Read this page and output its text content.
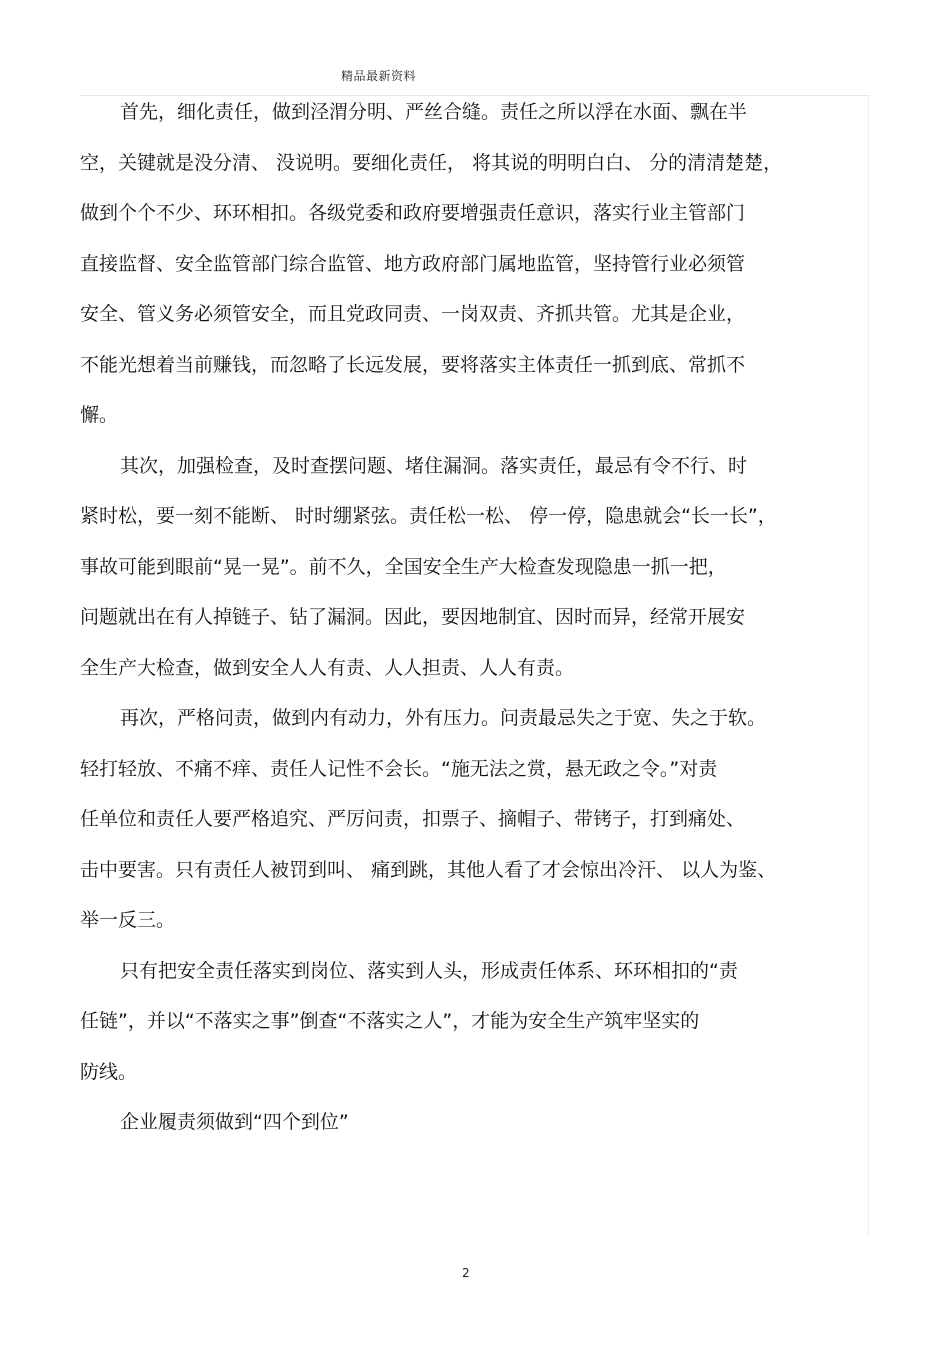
精品最新资料
首先，细化责任，做到泾渭分明、严丝合缝。责任之所以浮在水面、飘在半
空，关键就是没分清、 没说明。要细化责任， 将其说的明明白白、 分的清清楚楚，
做到个个不少、环环相扣。各级党委和政府要增强责任意识，落实行业主管部门
直接监督、安全监管部门综合监管、地方政府部门属地监管，坚持管行业必须管
安全、管义务必须管安全，而且党政同责、一岗双责、齐抓共管。尤其是企业，
不能光想着当前赚钱，而忽略了长远发展，要将落实主体责任一抓到底、常抓不
懈。
其次，加强检查，及时查摆问题、堵住漏洞。落实责任，最忌有令不行、时
紧时松，要一刻不能断、 时时绷紧弦。责任松一松、 停一停，隐患就会“长一长”，
事故可能到眼前“晃一晃”。前不久，全国安全生产大检查发现隐患一抓一把，
问题就出在有人掉链子、钻了漏洞。因此，要因地制宜、因时而异，经常开展安
全生产大检查，做到安全人人有责、人人担责、人人有责。
再次，严格问责，做到内有动力，外有压力。问责最忌失之于宽、失之于软。
轻打轻放、不痛不痒、责任人记性不会长。“施无法之赏，悬无政之令。”对责
任单位和责任人要严格追究、严厉问责，扣票子、摘帽子、带铐子，打到痛处、
击中要害。只有责任人被罚到叫、 痛到跳，其他人看了才会惊出冷汗、 以人为鉴、
举一反三。
只有把安全责任落实到岗位、落实到人头，形成责任体系、环环相扣的“责
任链”，并以“不落实之事”倒查“不落实之人”，才能为安全生产筑牢坚实的
防线。
企业履责须做到“四个到位”
2
